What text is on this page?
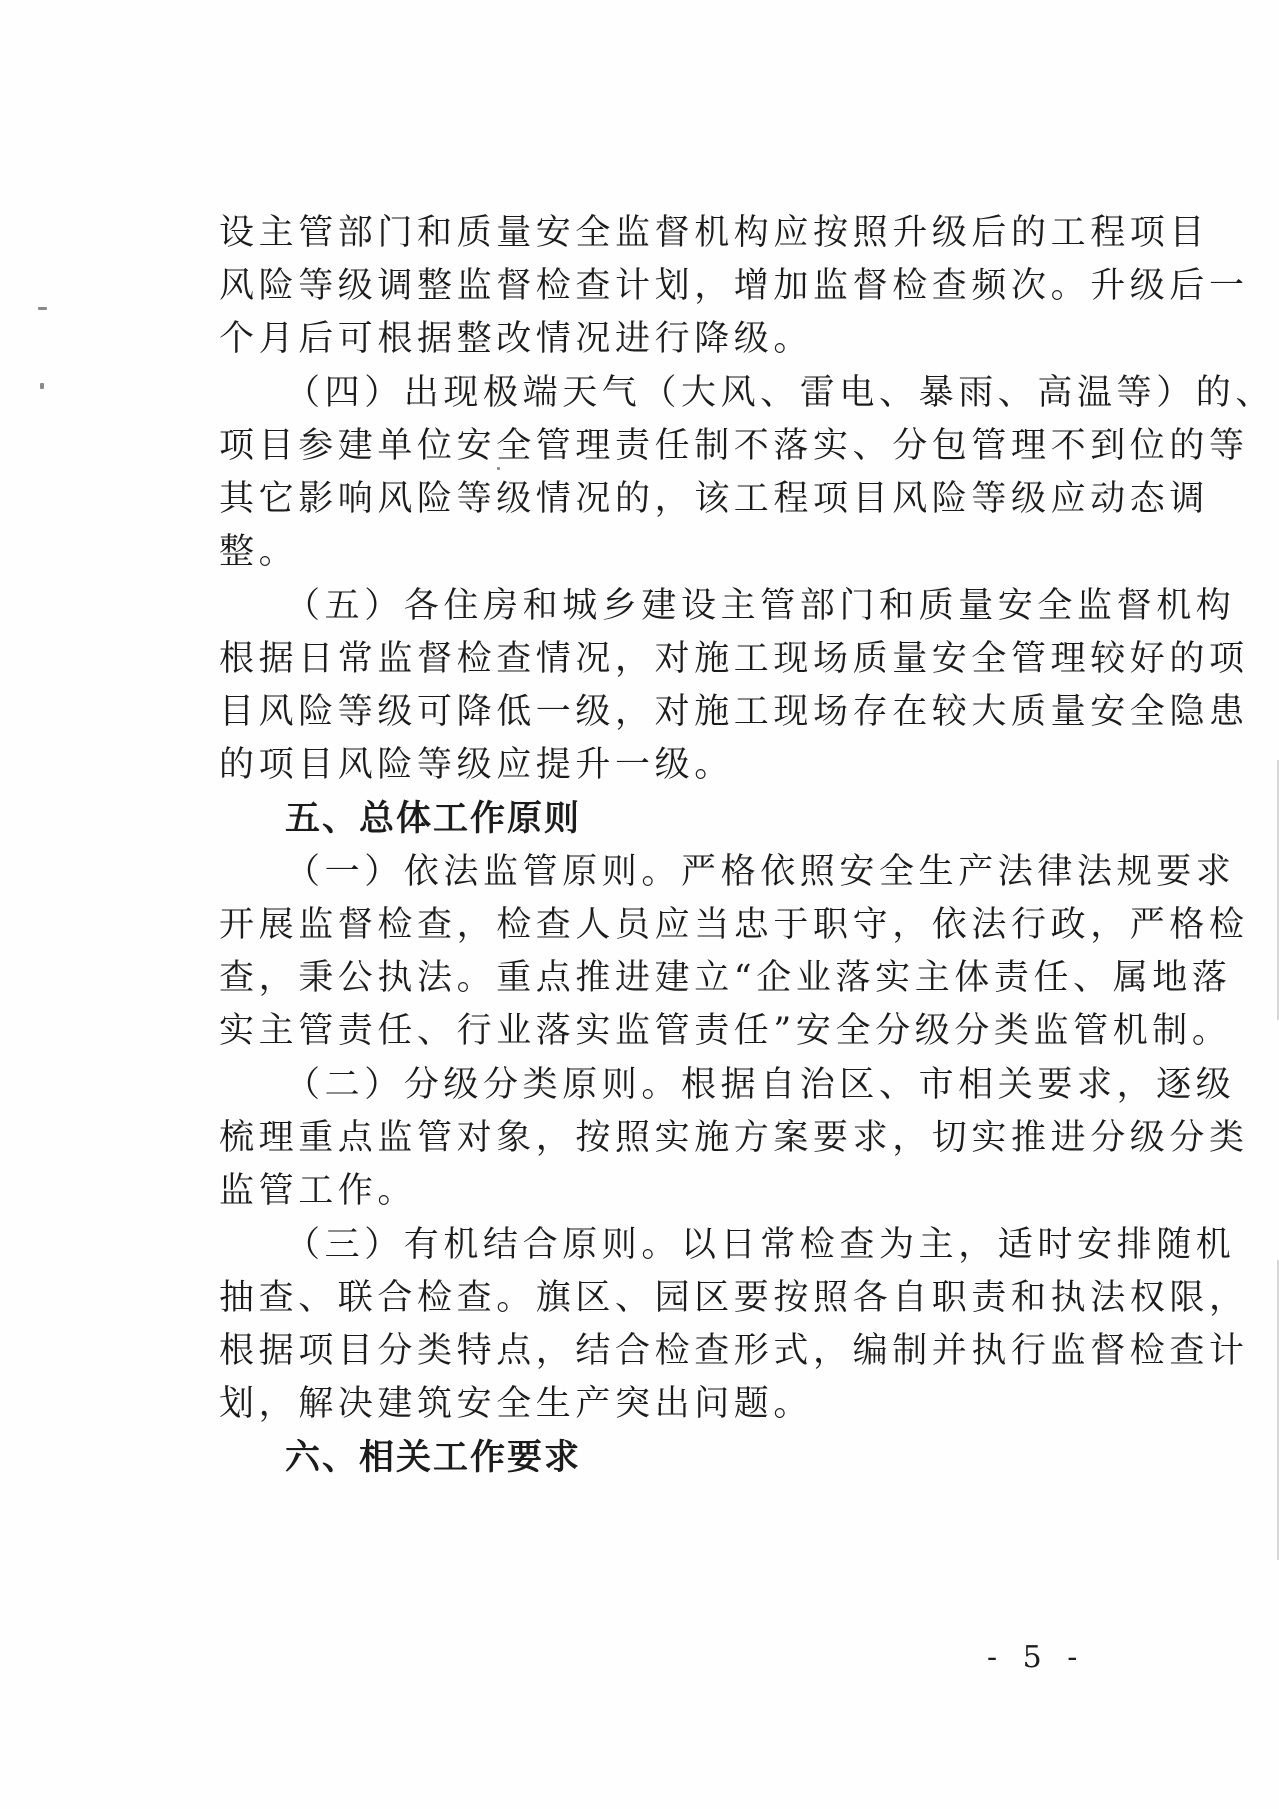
设主管部门和质量安全监督机构应按照升级后的工程项目
风险等级调整监督检查计划，增加监督检查频次。升级后一
个月后可根据整改情况进行降级。
（四）出现极端天气（大风、雷电、暴雨、高温等）的、
项目参建单位安全管理责任制不落实、分包管理不到位的等
其它影响风险等级情况的，该工程项目风险等级应动态调
整。
（五）各住房和城乡建设主管部门和质量安全监督机构
根据日常监督检查情况，对施工现场质量安全管理较好的项
目风险等级可降低一级，对施工现场存在较大质量安全隐患
的项目风险等级应提升一级。
五、总体工作原则
（一）依法监管原则。严格依照安全生产法律法规要求
开展监督检查，检查人员应当忠于职守，依法行政，严格检
查，秉公执法。重点推进建立“企业落实主体责任、属地落
实主管责任、行业落实监管责任”安全分级分类监管机制。
（二）分级分类原则。根据自治区、市相关要求，逐级
梳理重点监管对象，按照实施方案要求，切实推进分级分类
监管工作。
（三）有机结合原则。以日常检查为主，适时安排随机
抽查、联合检查。旗区、园区要按照各自职责和执法权限，
根据项目分类特点，结合检查形式，编制并执行监督检查计
划，解决建筑安全生产突出问题。
六、相关工作要求
- 5 -
